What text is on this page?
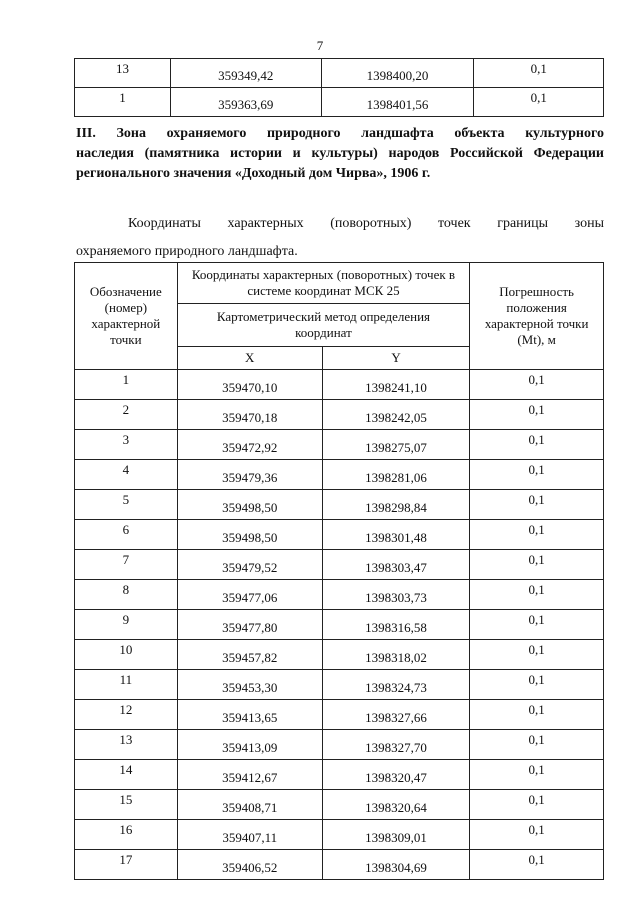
7
13	359349,42	1398400,20	0,1
1	359363,69	1398401,56	0,1
III. Зона охраняемого природного ландшафта объекта культурного
наследия (памятника истории и культуры) народов Российской Федерации
регионального значения «Доходный дом Чирва», 1906 г.
Координаты характерных (поворотных) точек границы зоны
охраняемого природного ландшафта.
Обозначение (номер) характерной точки	Координаты характерных (поворотных) точек в системе координат МСК 25		Погрешность положения характерной точки (Mt), м
	Картометрический метод определения координат		
	X	Y	
1	359470,10	1398241,10	0,1
2	359470,18	1398242,05	0,1
3	359472,92	1398275,07	0,1
4	359479,36	1398281,06	0,1
5	359498,50	1398298,84	0,1
6	359498,50	1398301,48	0,1
7	359479,52	1398303,47	0,1
8	359477,06	1398303,73	0,1
9	359477,80	1398316,58	0,1
10	359457,82	1398318,02	0,1
11	359453,30	1398324,73	0,1
12	359413,65	1398327,66	0,1
13	359413,09	1398327,70	0,1
14	359412,67	1398320,47	0,1
15	359408,71	1398320,64	0,1
16	359407,11	1398309,01	0,1
17	359406,52	1398304,69	0,1
